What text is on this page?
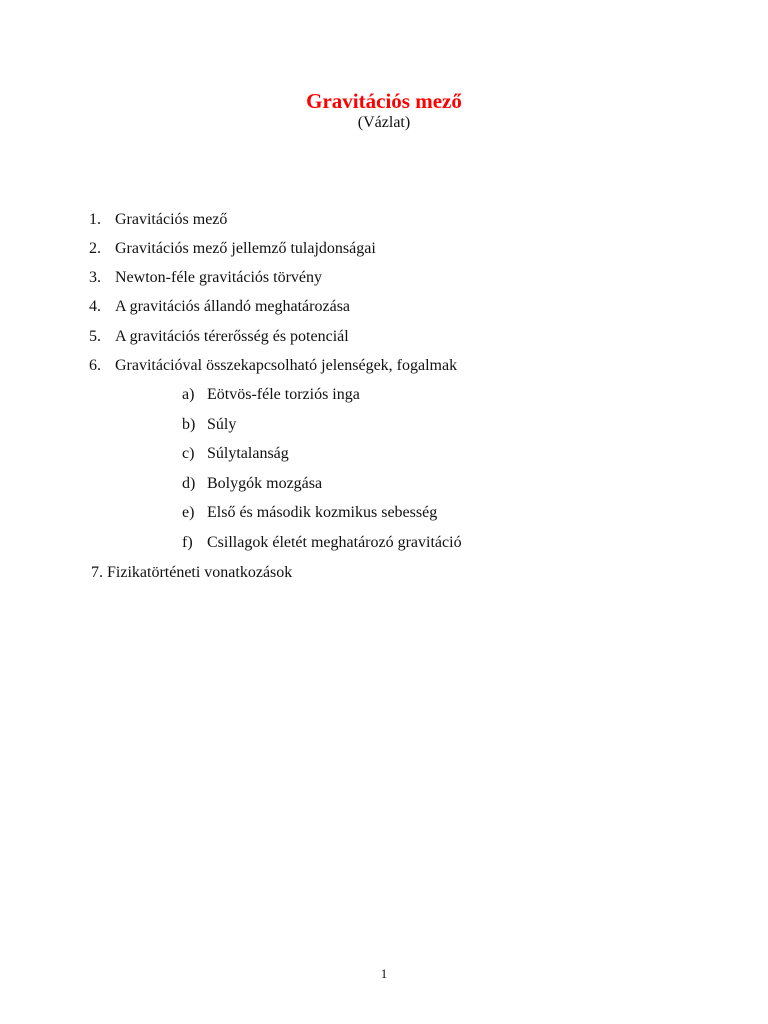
Gravitációs mező
(Vázlat)
1. Gravitációs mező
2. Gravitációs mező jellemző tulajdonságai
3. Newton-féle gravitációs törvény
4. A gravitációs állandó meghatározása
5. A gravitációs térerősség és potenciál
6. Gravitációval összekapcsolható jelenségek, fogalmak
a) Eötvös-féle torziós inga
b) Súly
c) Súlytalanság
d) Bolygók mozgása
e) Első és második kozmikus sebesség
f) Csillagok életét meghatározó gravitáció
7. Fizikatörténeti vonatkozások
1
